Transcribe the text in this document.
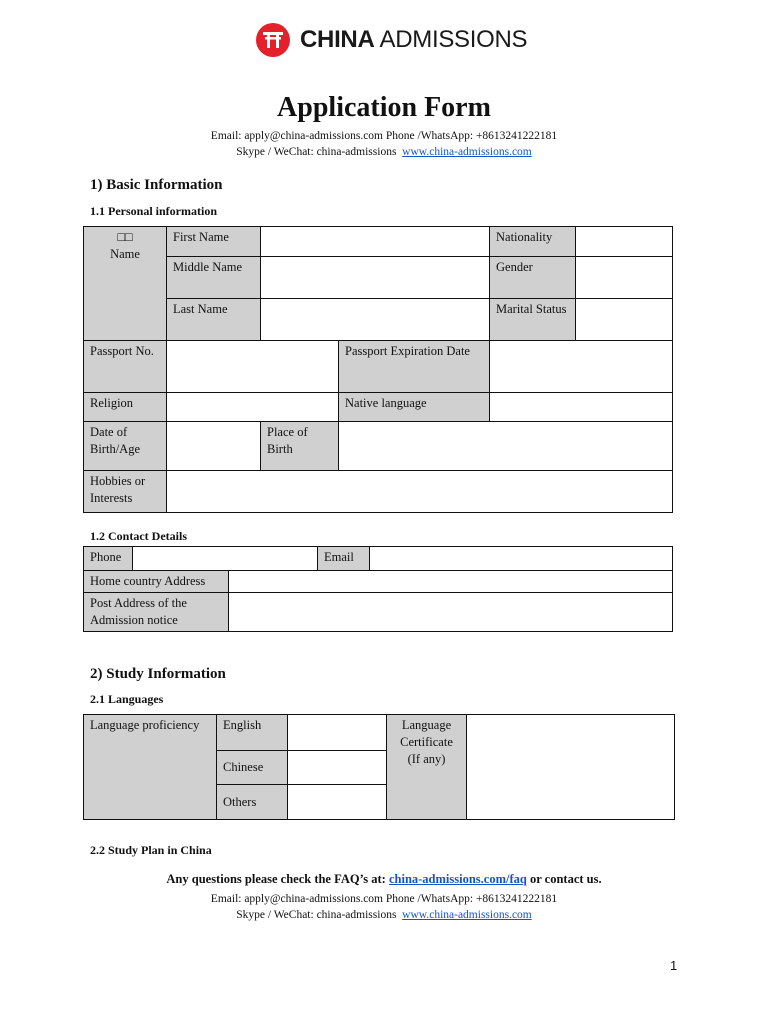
CHINA ADMISSIONS
Application Form
Email: apply@china-admissions.com Phone /WhatsApp: +8613241222181
Skype / WeChat: china-admissions www.china-admissions.com
1) Basic Information
1.1 Personal information
□□
Name	First Name			Nationality	
	Middle Name			Gender	
	Last Name			Marital Status	
Passport No.			Passport Expiration Date		
Religion			Native language		
Date of Birth/Age		Place of Birth			
Hobbies or Interests					
1.2 Contact Details
Phone			Email	
Home country Address				
Post Address of the Admission notice				
2) Study Information
2.1 Languages
Language proficiency	English		Language Certificate (If any)	
	Chinese			
	Others			
2.2 Study Plan in China
Any questions please check the FAQ’s at: china-admissions.com/faq or contact us.
Email: apply@china-admissions.com Phone /WhatsApp: +8613241222181
Skype / WeChat: china-admissions www.china-admissions.com
1
